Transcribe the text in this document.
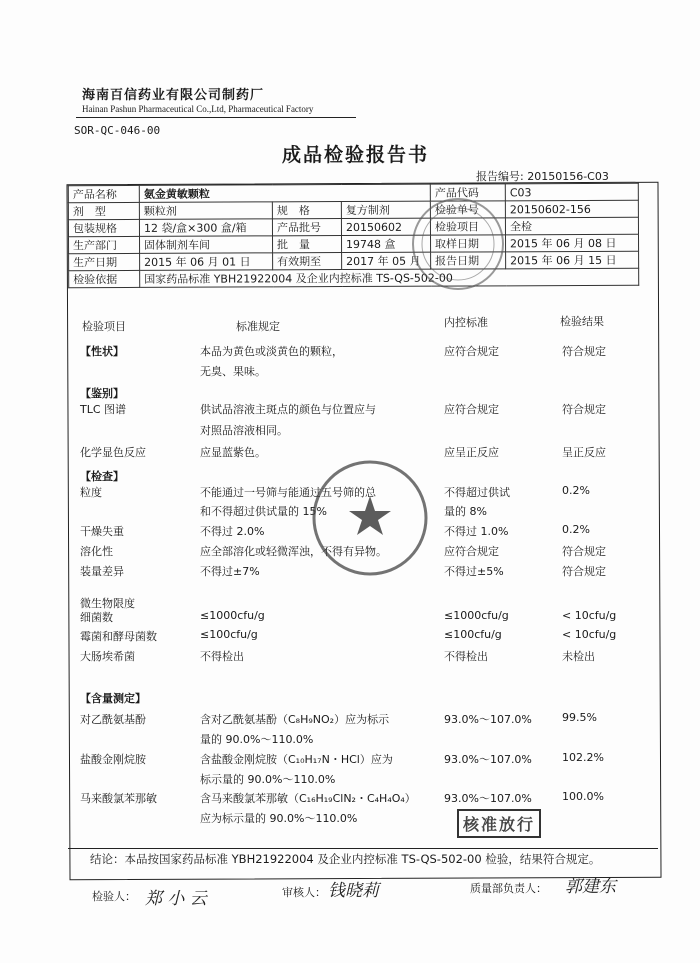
海南百信药业有限公司制药厂
Hainan Pashun Pharmaceutical Co.,Ltd, Pharmaceutical Factory
SOR-QC-046-00
成品检验报告书
报告编号: 20150156-C03
产品名称	氨金黄敏颗粒			产品代码	C03
剂　型	颗粒剂	规　格	复方制剂	检验单号	20150602-156
包装规格	12 袋/盒×300 盒/箱	产品批号	20150602	检验项目	全检
生产部门	固体制剂车间	批　量	19748 盒	取样日期	2015 年 06 月 08 日
生产日期	2015 年 06 月 01 日	有效期至	2017 年 05 月	报告日期	2015 年 06 月 15 日
检验依据	国家药品标准 YBH21922004 及企业内控标准 TS-QS-502-00				
检验项目	标准规定	内控标准	检验结果
【性状】	本品为黄色或淡黄色的颗粒，	应符合规定	符合规定
无臭、果味。
【鉴别】
TLC 图谱	供试品溶液主斑点的颜色与位置应与	应符合规定	符合规定
对照品溶液相同。
化学显色反应	应显蓝紫色。	应呈正反应	呈正反应
【检查】
粒度	不能通过一号筛与能通过五号筛的总	不得超过供试	0.2%
和不得超过供试量的 15%	量的 8%
干燥失重	不得过 2.0%	不得过 1.0%	0.2%
溶化性	应全部溶化或轻微浑浊，不得有异物。	应符合规定	符合规定
装量差异	不得过±7%	不得过±5%	符合规定
微生物限度
细菌数	≤1000cfu/g	≤1000cfu/g	< 10cfu/g
霉菌和酵母菌数	≤100cfu/g	≤100cfu/g	< 10cfu/g
大肠埃希菌	不得检出	不得检出	未检出
【含量测定】
对乙酰氨基酚	含对乙酰氨基酚（C₈H₉NO₂）应为标示	93.0%～107.0%	99.5%
量的 90.0%～110.0%
盐酸金刚烷胺	含盐酸金刚烷胺（C₁₀H₁₇N・HCl）应为	93.0%～107.0%	102.2%
标示量的 90.0%～110.0%
马来酸氯苯那敏	含马来酸氯苯那敏（C₁₆H₁₉ClN₂・C₄H₄O₄）	93.0%～107.0%	100.0%
应为标示量的 90.0%～110.0%	核准放行
结论：本品按国家药品标准 YBH21922004 及企业内控标准 TS-QS-502-00 检验，结果符合规定。
检验人： 郑 小 云	审核人： 钱晓莉	质量部负责人： 郭建东
